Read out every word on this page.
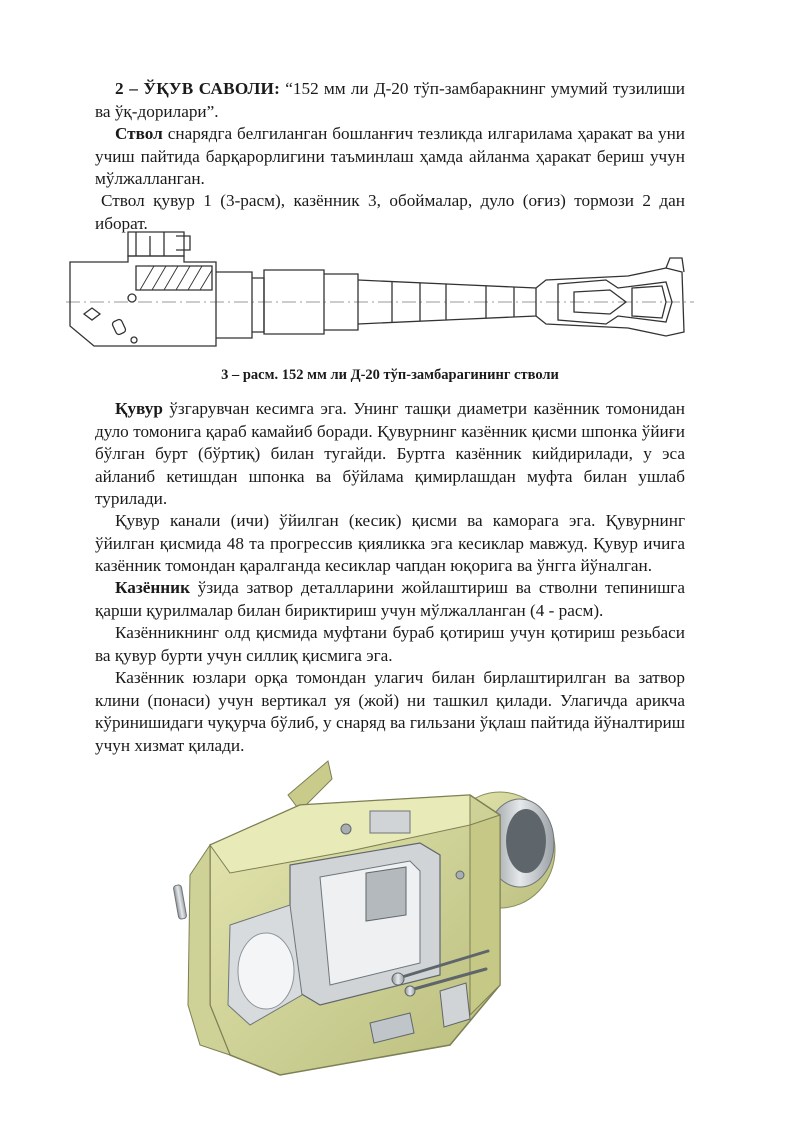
2 – ЎҚУВ САВОЛИ: “152 мм ли Д-20 тўп-замбаракнинг умумий тузилиши ва ўқ-дорилари”.

Ствол снарядга белгиланган бошланғич тезликда илгарилама ҳаракат ва уни учиш пайтида барқарорлигини таъминлаш ҳамда айланма ҳаракат бериш учун мўлжалланган.

Ствол қувур 1 (3-расм), казённик 3, обоймалар, дуло (оғиз) тормози 2 дан иборат.

3 – расм. 152 мм ли Д-20 тўп-замбарагининг стволи

Қувур ўзгарувчан кесимга эга. Унинг ташқи диаметри казённик томонидан дуло томонига қараб камайиб боради. Қувурнинг казённик қисми шпонка ўйиғи бўлган бурт (бўртиқ) билан тугайди. Буртга казённик кийдирилади, у эса айланиб кетишдан шпонка ва бўйлама қимирлашдан муфта билан ушлаб турилади.

Қувур канали (ичи) ўйилган (кесик) қисми ва каморага эга. Қувурнинг ўйилган қисмида 48 та прогрессив қияликка эга кесиклар мавжуд. Қувур ичига казённик томондан қаралганда кесиклар чапдан юқорига ва ўнгга йўналган.

Казённик ўзида затвор деталларини жойлаштириш ва стволни тепинишга қарши қурилмалар билан бириктириш учун мўлжалланган (4 - расм).

Казённикнинг олд қисмида муфтани бураб қотириш учун қотириш резьбаси ва қувур бурти учун силлиқ қисмига эга.

Казённик юзлари орқа томондан улагич билан бирлаштирилган ва затвор клини (понаси) учун вертикал уя (жой) ни ташкил қилади. Улагичда арикча кўринишидаги чуқурча бўлиб, у снаряд ва гильзани ўқлаш пайтида йўналтириш учун хизмат қилади.
